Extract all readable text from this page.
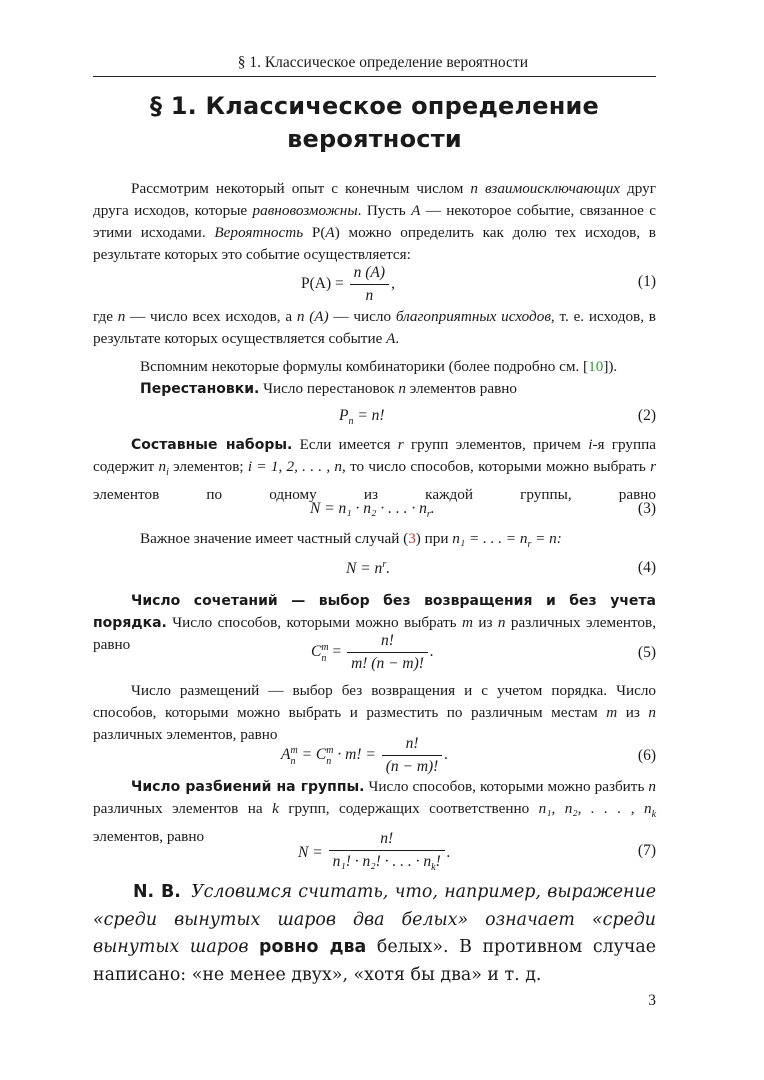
§ 1. Классическое определение вероятности
§ 1. Классическое определение
вероятности

Рассмотрим некоторый опыт с конечным числом n взаимоисключающих друг друга исходов, которые равновозможны. Пусть A — некоторое событие, связанное с этими исходами. Вероятность P(A) можно определить как долю тех исходов, в результате которых это событие осуществляется:

$P(A) = \frac{n (A)}{n}$ ,	(1)

где n — число всех исходов, а n (A) — число благоприятных исходов, т. е. исходов, в результате которых осуществляется событие A.

Вспомним некоторые формулы комбинаторики (более подробно см. [10]).

Перестановки. Число перестановок n элементов равно

$P_n = n$!	(2)

Составные наборы. Если имеется r групп элементов, причем i-я группа содержит $n_i$ элементов; i = 1, 2, . . . , n, то число способов, которыми можно выбрать r элементов по одному из каждой группы, равно

N = n₁ · n₂ · . . . · $n_r$.	(3)

Важное значение имеет частный случай (3) при n₁ = . . . = $n_r = n$:

$N = n^r$.	(4)

Число сочетаний — выбор без возвращения и без учета порядка. Число способов, которыми можно выбрать m из n различных элементов, равно	C m
$n = \frac{n!}{m! (n - m)!}$ .	(5)

Число размещений — выбор без возвращения и с учетом порядка. Число способов, которыми можно выбрать и разместить по различным местам m из n различных элементов, равно

A m
n = C m
n · m! = $\frac{n!}{(n - m)!}$ .	(6)

Число разбиений на группы. Число способов, которыми можно разбить n различных элементов на k групп, содержащих соответственно n₁, n₂, . . . , $n_k$ элементов, равно

$N = \frac{n!}{n_1! \cdot n_2! \cdot . . . \cdot n_k!}$ .	(7)

N. B. Условимся считать, что, например, выражение «среди вынутых шаров два белых» означает «среди вынутых шаров ровно два белых». В противном случае написано: «не менее двух», «хотя бы два» и т. д.

3
